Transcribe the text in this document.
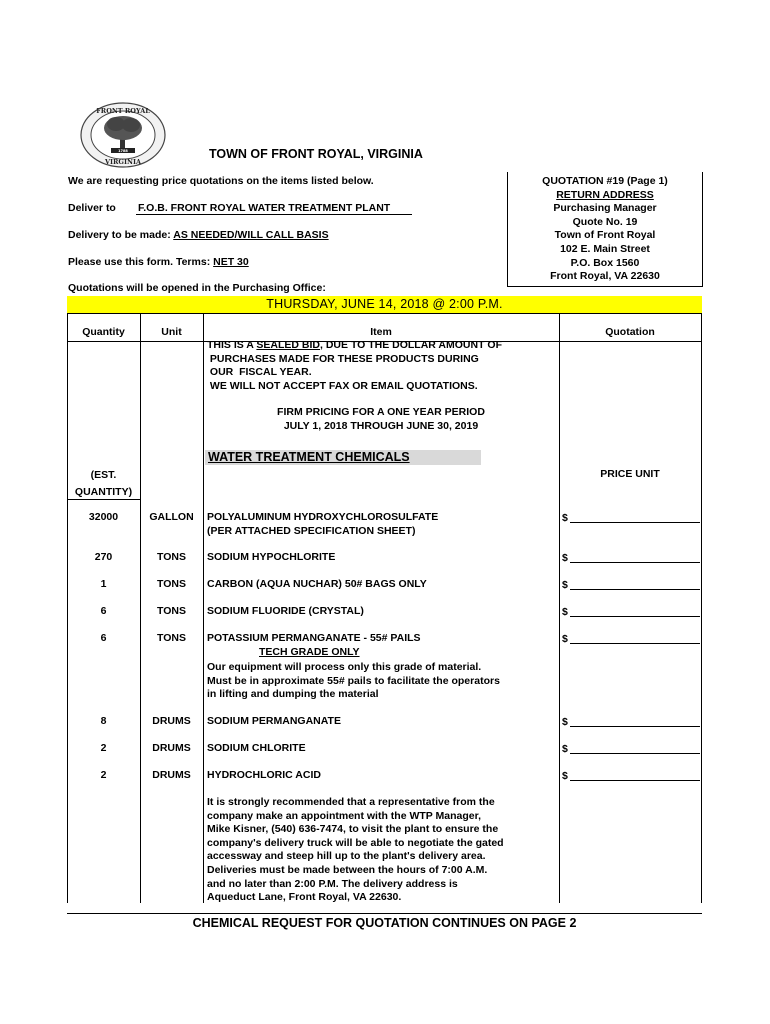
FRONT ROYAL
VIRGINIA
1788	TOWN OF FRONT ROYAL, VIRGINIA
We are requesting price quotations on the items listed below.
Deliver to F.O.B. FRONT ROYAL WATER TREATMENT PLANT
Delivery to be made: AS NEEDED/WILL CALL BASIS
Please use this form. Terms: NET 30
Quotations will be opened in the Purchasing Office:
QUOTATION #19 (Page 1)
RETURN ADDRESS
Purchasing Manager
Quote No. 19
Town of Front Royal
102 E. Main Street
P.O. Box 1560
Front Royal, VA 22630
THURSDAY, JUNE 14, 2018 @ 2:00 P.M.
Quantity	Unit	Item	Quotation
THIS IS A SEALED BID, DUE TO THE DOLLAR AMOUNT OF
PURCHASES MADE FOR THESE PRODUCTS DURING
OUR  FISCAL YEAR.
WE WILL NOT ACCEPT FAX OR EMAIL QUOTATIONS.
FIRM PRICING FOR A ONE YEAR PERIOD
JULY 1, 2018 THROUGH JUNE 30, 2019
WATER TREATMENT CHEMICALS
(EST.
QUANTITY)
PRICE UNIT
32000	GALLON	POLYALUMINUM HYDROXYCHLOROSULFATE
(PER ATTACHED SPECIFICATION SHEET)
$
270	TONS	SODIUM HYPOCHLORITE	$
1	TONS	CARBON (AQUA NUCHAR) 50# BAGS ONLY	$
6	TONS	SODIUM FLUORIDE (CRYSTAL)	$
6	TONS	POTASSIUM PERMANGANATE - 55# PAILS
TECH GRADE ONLY
$
Our equipment will process only this grade of material.
Must be in approximate 55# pails to facilitate the operators
in lifting and dumping the material
8	DRUMS	SODIUM PERMANGANATE	$
2	DRUMS	SODIUM CHLORITE	$
2	DRUMS	HYDROCHLORIC ACID	$
It is strongly recommended that a representative from the
company make an appointment with the WTP Manager,
Mike Kisner, (540) 636-7474, to visit the plant to ensure the
company's delivery truck will be able to negotiate the gated
accessway and steep hill up to the plant's delivery area.
Deliveries must be made between the hours of 7:00 A.M.
and no later than 2:00 P.M. The delivery address is
Aqueduct Lane, Front Royal, VA 22630.
CHEMICAL REQUEST FOR QUOTATION CONTINUES ON PAGE 2
